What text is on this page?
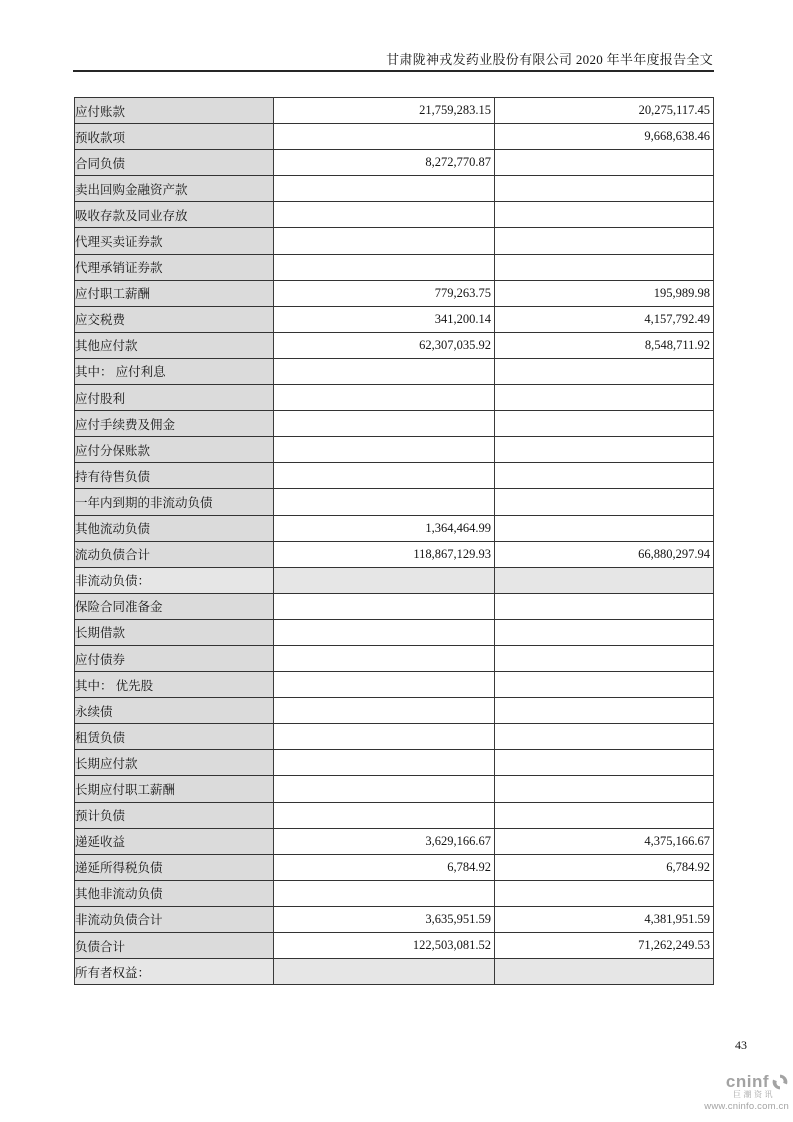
甘肃陇神戎发药业股份有限公司 2020 年半年度报告全文
应付账款	21,759,283.15	20,275,117.45
预收款项		9,668,638.46
合同负债	8,272,770.87	
卖出回购金融资产款		
吸收存款及同业存放		
代理买卖证券款		
代理承销证券款		
应付职工薪酬	779,263.75	195,989.98
应交税费	341,200.14	4,157,792.49
其他应付款	62,307,035.92	8,548,711.92
其中： 应付利息		
应付股利		
应付手续费及佣金		
应付分保账款		
持有待售负债		
一年内到期的非流动负债		
其他流动负债	1,364,464.99	
流动负债合计	118,867,129.93	66,880,297.94
非流动负债：		
保险合同准备金		
长期借款		
应付债券		
其中： 优先股		
永续债		
租赁负债		
长期应付款		
长期应付职工薪酬		
预计负债		
递延收益	3,629,166.67	4,375,166.67
递延所得税负债	6,784.92	6,784.92
其他非流动负债		
非流动负债合计	3,635,951.59	4,381,951.59
负债合计	122,503,081.52	71,262,249.53
所有者权益：		
43
cninf
巨潮资讯
www.cninfo.com.cn
